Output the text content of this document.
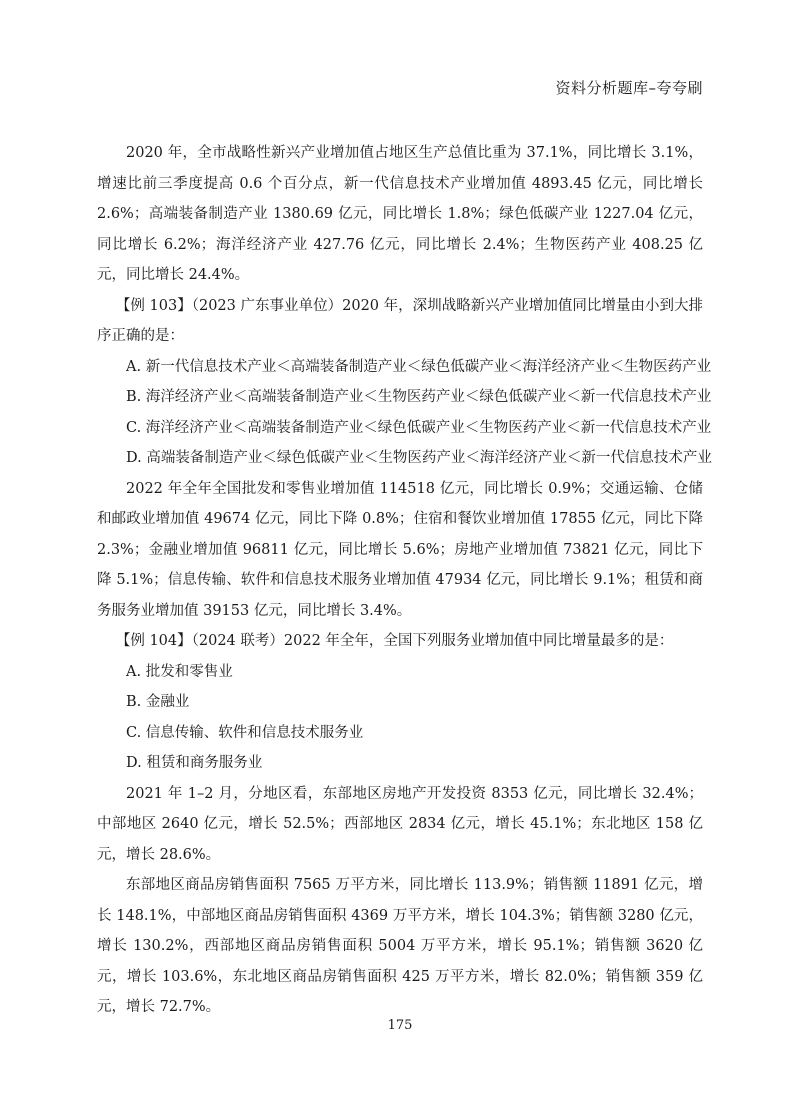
资料分析题库–夸夸刷

2020 年，全市战略性新兴产业增加值占地区生产总值比重为 37.1%，同比增长 3.1%，增速比前三季度提高 0.6 个百分点，新一代信息技术产业增加值 4893.45 亿元，同比增长 2.6%；高端装备制造产业 1380.69 亿元，同比增长 1.8%；绿色低碳产业 1227.04 亿元，同比增长 6.2%；海洋经济产业 427.76 亿元，同比增长 2.4%；生物医药产业 408.25 亿元，同比增长 24.4%。

【例 103】（2023 广东事业单位）2020 年，深圳战略新兴产业增加值同比增量由小到大排序正确的是：

A. 新一代信息技术产业＜高端装备制造产业＜绿色低碳产业＜海洋经济产业＜生物医药产业

B. 海洋经济产业＜高端装备制造产业＜生物医药产业＜绿色低碳产业＜新一代信息技术产业

C. 海洋经济产业＜高端装备制造产业＜绿色低碳产业＜生物医药产业＜新一代信息技术产业

D. 高端装备制造产业＜绿色低碳产业＜生物医药产业＜海洋经济产业＜新一代信息技术产业

2022 年全年全国批发和零售业增加值 114518 亿元，同比增长 0.9%；交通运输、仓储和邮政业增加值 49674 亿元，同比下降 0.8%；住宿和餐饮业增加值 17855 亿元，同比下降 2.3%；金融业增加值 96811 亿元，同比增长 5.6%；房地产业增加值 73821 亿元，同比下降 5.1%；信息传输、软件和信息技术服务业增加值 47934 亿元，同比增长 9.1%；租赁和商务服务业增加值 39153 亿元，同比增长 3.4%。

【例 104】（2024 联考）2022 年全年，全国下列服务业增加值中同比增量最多的是：

A. 批发和零售业

B. 金融业

C. 信息传输、软件和信息技术服务业

D. 租赁和商务服务业

2021 年 1–2 月，分地区看，东部地区房地产开发投资 8353 亿元，同比增长 32.4%；中部地区 2640 亿元，增长 52.5%；西部地区 2834 亿元，增长 45.1%；东北地区 158 亿元，增长 28.6%。

东部地区商品房销售面积 7565 万平方米，同比增长 113.9%；销售额 11891 亿元，增长 148.1%，中部地区商品房销售面积 4369 万平方米，增长 104.3%；销售额 3280 亿元，增长 130.2%，西部地区商品房销售面积 5004 万平方米，增长 95.1%；销售额 3620 亿元，增长 103.6%，东北地区商品房销售面积 425 万平方米，增长 82.0%；销售额 359 亿元，增长 72.7%。

175
